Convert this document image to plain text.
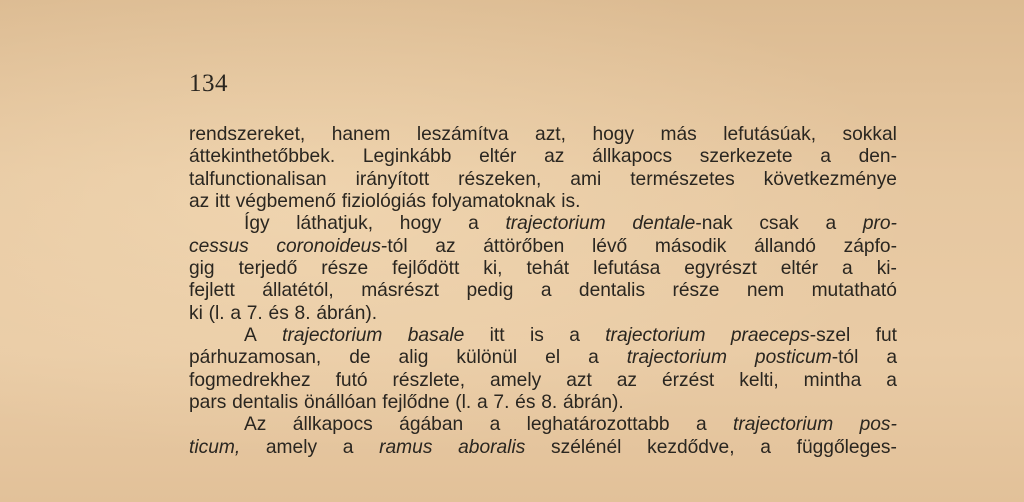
134
rendszereket, hanem leszámítva azt, hogy más lefutásúak, sokkal
áttekinthetőbbek. Leginkább eltér az állkapocs szerkezete a den-
talfunctionalisan irányított részeken, ami természetes következménye
az itt végbemenő fiziológiás folyamatoknak is.
Így láthatjuk, hogy a trajectorium dentale-nak csak a pro-
cessus coronoideus-tól az áttörőben lévő második állandó zápfo-
gig terjedő része fejlődött ki, tehát lefutása egyrészt eltér a ki-
fejlett állatétól, másrészt pedig a dentalis része nem mutatható
ki (l. a 7. és 8. ábrán).
A trajectorium basale itt is a trajectorium praeceps-szel fut
párhuzamosan, de alig különül el a trajectorium posticum-tól a
fogmedrekhez futó részlete, amely azt az érzést kelti, mintha a
pars dentalis önállóan fejlődne (l. a 7. és 8. ábrán).
Az állkapocs ágában a leghatározottabb a trajectorium pos-
ticum, amely a ramus aboralis szélénél kezdődve, a függőleges-
